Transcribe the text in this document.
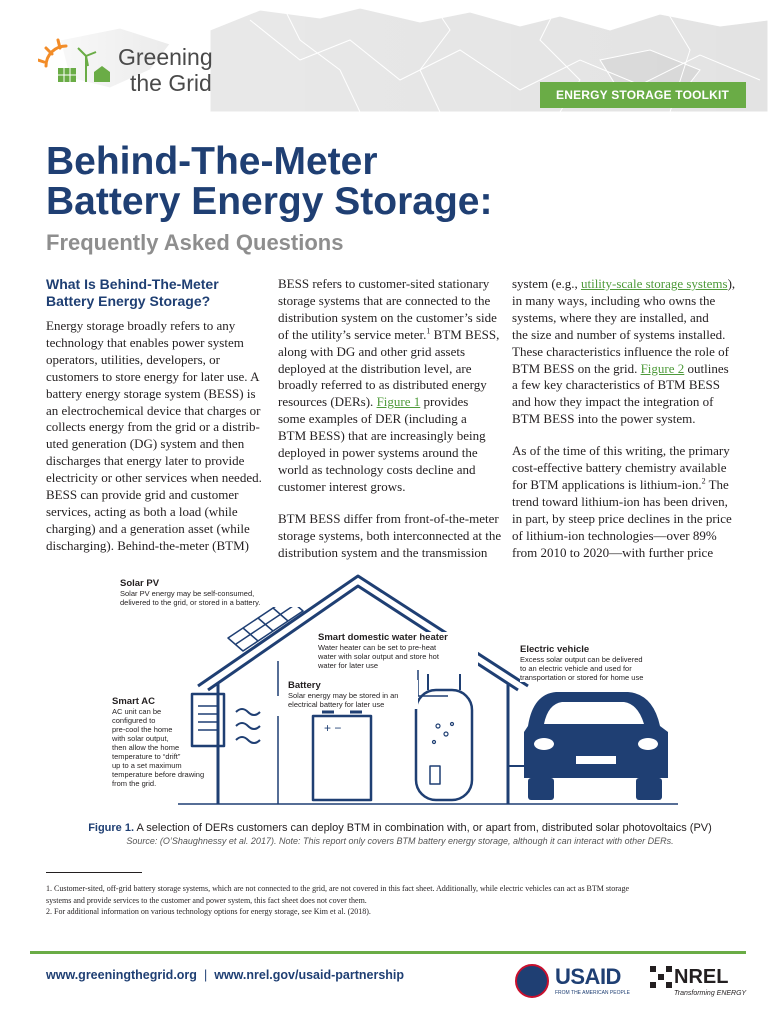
Greening
the Grid	ENERGY STORAGE TOOLKIT
Behind-The-Meter
Battery Energy Storage:
Frequently Asked Questions
What Is Behind-The-Meter
Battery Energy Storage?
Energy storage broadly refers to any
technology that enables power system
operators, utilities, developers, or
customers to store energy for later use. A
battery energy storage system (BESS) is
an electrochemical device that charges or
collects energy from the grid or a distrib-
uted generation (DG) system and then
discharges that energy later to provide
electricity or other services when needed.
BESS can provide grid and customer
services, acting as both a load (while
charging) and a generation asset (while
discharging). Behind-the-meter (BTM)
BESS refers to customer-sited stationary
storage systems that are connected to the
distribution system on the customer’s side
of the utility’s service meter.$^1$ BTM BESS,
along with DG and other grid assets
deployed at the distribution level, are
broadly referred to as distributed energy
resources (DERs). Figure 1 provides
some examples of DER (including a
BTM BESS) that are increasingly being
deployed in power systems around the
world as technology costs decline and
customer interest grows.
BTM BESS differ from front-of-the-meter
storage systems, both interconnected at the
distribution system and the transmission
system (e.g., utility-scale storage systems),
in many ways, including who owns the
systems, where they are installed, and
the size and number of systems installed.
These characteristics influence the role of
BTM BESS on the grid. Figure 2 outlines
a few key characteristics of BTM BESS
and how they impact the integration of
BTM BESS into the power system.
As of the time of this writing, the primary
cost-effective battery chemistry available
for BTM applications is lithium-ion.$^2$ The
trend toward lithium-ion has been driven,
in part, by steep price declines in the price
of lithium-ion technologies—over 89%
from 2010 to 2020—with further price
+ −
Solar PV
Solar PV energy may be self-consumed,
delivered to the grid, or stored in a battery.
Smart domestic water heater
Water heater can be set to pre-heat
water with solar output and store hot
water for later use
Battery
Solar energy may be stored in an
electrical battery for later use
Electric vehicle
Excess solar output can be delivered
to an electric vehicle and used for
transportation or stored for home use
Smart AC
AC unit can be
configured to
pre-cool the home
with solar output,
then allow the home
temperature to “drift”
up to a set maximum
temperature before drawing
from the grid.
Figure 1. A selection of DERs customers can deploy BTM in combination with, or apart from, distributed solar photovoltaics (PV)
Source: (O’Shaughnessy et al. 2017). Note: This report only covers BTM battery energy storage, although it can interact with other DERs.
1. Customer-sited, off-grid battery storage systems, which are not connected to the grid, are not covered in this fact sheet. Additionally, while electric vehicles can act as BTM storage
systems and provide services to the customer and power system, this fact sheet does not cover them.
2. For additional information on various technology options for energy storage, see Kim et al. (2018).
www.greeningthegrid.org | www.nrel.gov/usaid-partnership	USAID
FROM THE AMERICAN PEOPLE
NREL
Transforming ENERGY
